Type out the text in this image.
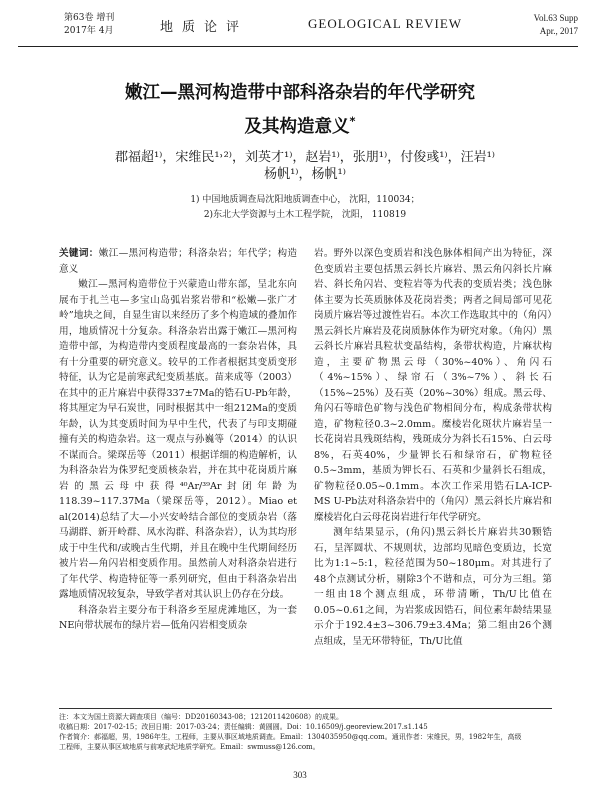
第63卷 增刊
2017年 4月	地质论评	GEOLOGICAL REVIEW	Vol.63 Supp
Apr., 2017
嫩江—黑河构造带中部科洛杂岩的年代学研究
及其构造意义*
郡福超¹⁾，宋维民¹˒²⁾，刘英才¹⁾，赵岩¹⁾，张朋¹⁾，付俊彧¹⁾，汪岩¹⁾
杨帆¹⁾，杨帆¹⁾
1) 中国地质调查局沈阳地质调查中心， 沈阳，110034；
2)东北大学资源与土木工程学院， 沈阳， 110819

关键词：嫩江—黑河构造带；科洛杂岩；年代学；构造意义

嫩江—黑河构造带位于兴蒙造山带东部，呈北东向展布于扎兰屯—多宝山岛弧岩浆岩带和“松嫩—张广才岭”地块之间，自显生宙以来经历了多个构造域的叠加作用，地质情况十分复杂。科洛杂岩出露于嫩江—黑河构造带中部，为构造带内变质程度最高的一套杂岩体，具有十分重要的研究意义。较早的工作者根据其变质变形特征，认为它是前寒武纪变质基底。苗来成等（2003）在其中的正片麻岩中获得337±7Ma的锆石U-Pb年龄，将其厘定为早石炭世，同时根据其中一组212Ma的变质年龄，认为其变质时间为早中生代，代表了与印支期碰撞有关的构造杂岩。这一观点与孙巍等（2014）的认识不谋而合。梁琛岳等（2011）根据详细的构造解析，认为科洛杂岩为侏罗纪变质核杂岩，并在其中花岗质片麻岩的黑云母中获得⁴⁰Ar/³⁹Ar封闭年龄为118.39~117.37Ma（梁琛岳等，2012）。Miao et al(2014)总结了大—小兴安岭结合部位的变质杂岩（落马湖群、新开岭群、凤水沟群、科洛杂岩），认为其均形成于中生代和/或晚古生代期，并且在晚中生代期间经历被片岩—角闪岩相变质作用。虽然前人对科洛杂岩进行了年代学、构造特征等一系列研究，但由于科洛杂岩出露地质情况较复杂，导致学者对其认识上仍存在分歧。

科洛杂岩主要分布于科洛乡至屋虎滩地区，为一套NE向带状展布的绿片岩—低角闪岩相变质杂

岩。野外以深色变质岩和浅色脉体相间产出为特征，深色变质岩主要包括黑云斜长片麻岩、黑云角闪斜长片麻岩、斜长角闪岩、变粒岩等为代表的变质岩类；浅色脉体主要为长英质脉体及花岗岩类；两者之间局部可见花岗质片麻岩等过渡性岩石。本次工作选取其中的（角闪）黑云斜长片麻岩及花岗质脉体作为研究对象。（角闪）黑云斜长片麻岩具粒状变晶结构，条带状构造，片麻状构造，主要矿物黑云母（30%~40%）、角闪石（4%~15%）、绿帘石（3%~7%）、斜长石（15%~25%）及石英（20%~30%）组成。黑云母、角闪石等暗色矿物与浅色矿物相间分布，构成条带状构造，矿物粒径0.3~2.0mm。糜棱岩化斑状片麻岩呈一长花岗岩具残斑结构，残斑成分为斜长石15%、白云母8%，石英40%，少量钾长石和绿帘石，矿物粒径0.5~3mm，基质为钾长石、石英和少量斜长石组成，矿物粒径0.05~0.1mm。本次工作采用锆石LA-ICP-MS U-Pb法对科洛杂岩中的（角闪）黑云斜长片麻岩和糜棱岩化白云母花岗岩进行年代学研究。

测年结果显示，(角闪)黑云斜长片麻岩共30颗锆石，呈浑圆状、不规则状，边部均见暗色变质边，长宽比为1:1~5:1，粒径范围为50~180μm。对其进行了48个点测试分析，剔除3个不谐和点，可分为三组。第一组由18个测点组成，环带清晰，Th/U比值在0.05~0.61之间，为岩浆成因锆石，间位素年龄结果显示介于192.4±3~306.79±3.4Ma；第二组由26个测点组成，呈无环带特征，Th/U比值

注：本文为国土资源大调查项目（编号：DD20160343-08；1212011420608）的成果。

收稿日期：2017-02-15；改回日期：2017-03-24；责任编辑：黄圆圆。Doi：10.16509/j.georeview.2017.s1.145

作者简介：郝福超，男，1986年生，工程师，主要从事区域地质调查。Email：1304035950@qq.com。通讯作者：宋维民，男，1982年生，高级

工程师，主要从事区域地质与前寒武纪地质学研究。Email：swmuss@126.com。

303
